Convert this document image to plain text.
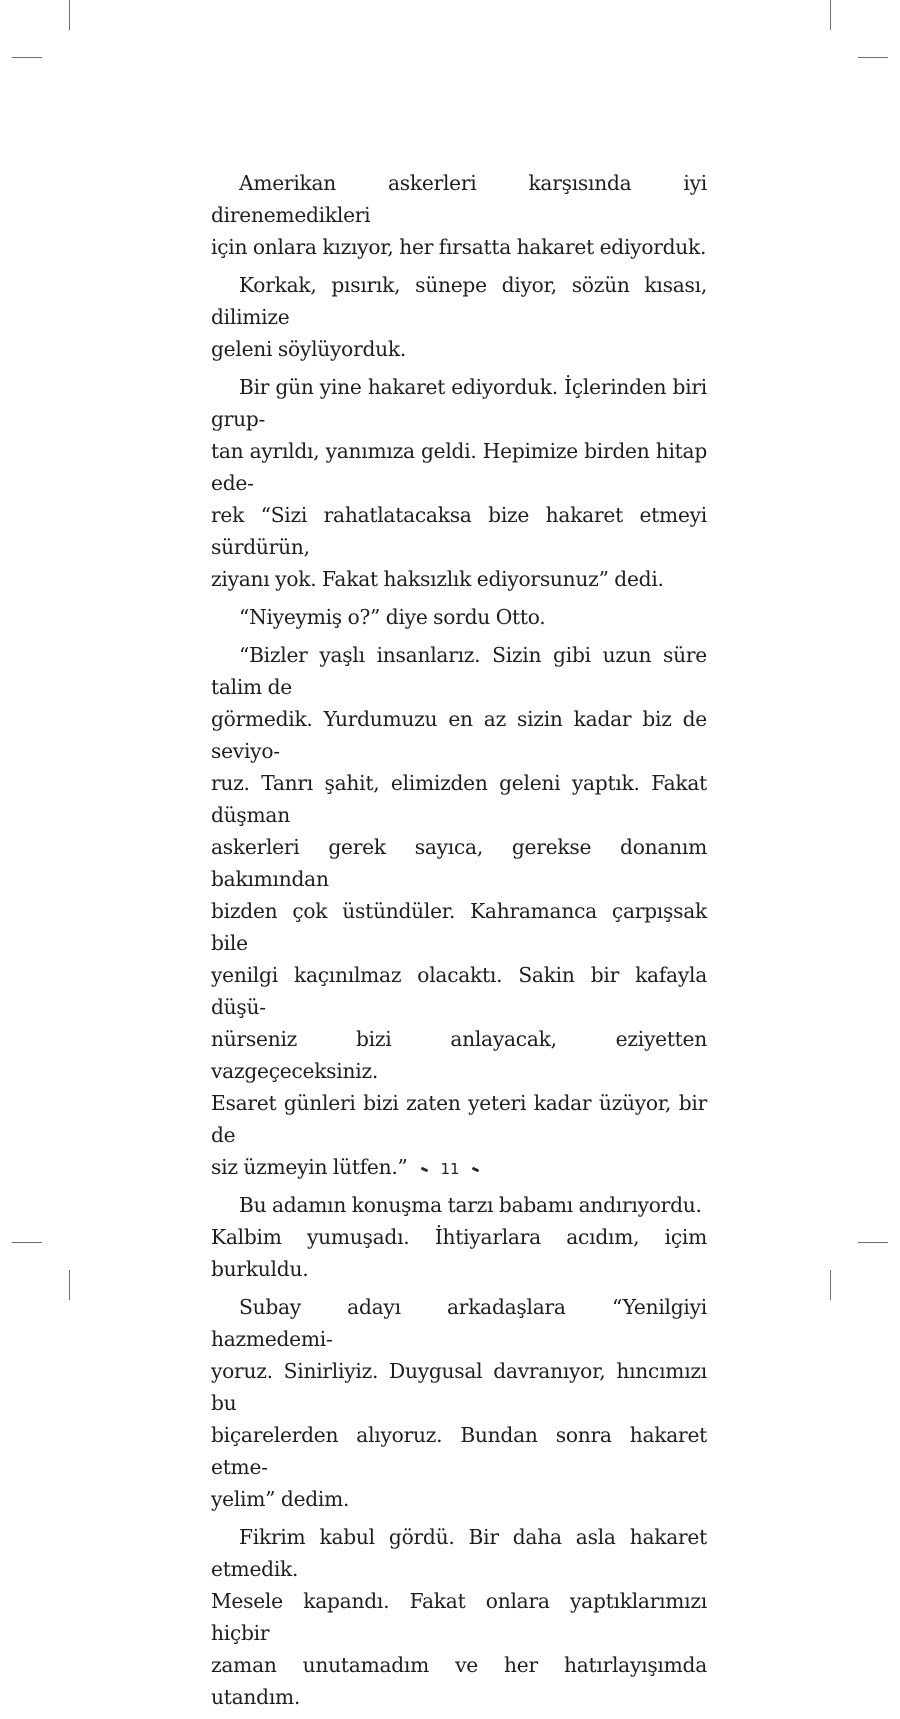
Amerikan askerleri karşısında iyi direnemedikleri
için onlara kızıyor, her fırsatta hakaret ediyorduk.

Korkak, pısırık, sünepe diyor, sözün kısası, dilimize
geleni söylüyorduk.

Bir gün yine hakaret ediyorduk. İçlerinden biri grup-
tan ayrıldı, yanımıza geldi. Hepimize birden hitap ede-
rek “Sizi rahatlatacaksa bize hakaret etmeyi sürdürün,
ziyanı yok. Fakat haksızlık ediyorsunuz” dedi.

“Niyeymiş o?” diye sordu Otto.

“Bizler yaşlı insanlarız. Sizin gibi uzun süre talim de
görmedik. Yurdumuzu en az sizin kadar biz de seviyo-
ruz. Tanrı şahit, elimizden geleni yaptık. Fakat düşman
askerleri gerek sayıca, gerekse donanım bakımından
bizden çok üstündüler. Kahramanca çarpışsak bile
yenilgi kaçınılmaz olacaktı. Sakin bir kafayla düşü-
nürseniz bizi anlayacak, eziyetten vazgeçeceksiniz.
Esaret günleri bizi zaten yeteri kadar üzüyor, bir de
siz üzmeyin lütfen.”

Bu adamın konuşma tarzı babamı andırıyordu.
Kalbim yumuşadı. İhtiyarlara acıdım, içim burkuldu.

Subay adayı arkadaşlara “Yenilgiyi hazmedemi-
yoruz. Sinirliyiz. Duygusal davranıyor, hıncımızı bu
biçarelerden alıyoruz. Bundan sonra hakaret etme-
yelim” dedim.

Fikrim kabul gördü. Bir daha asla hakaret etmedik.
Mesele kapandı. Fakat onlara yaptıklarımızı hiçbir
zaman unutamadım ve her hatırlayışımda utandım.

11
